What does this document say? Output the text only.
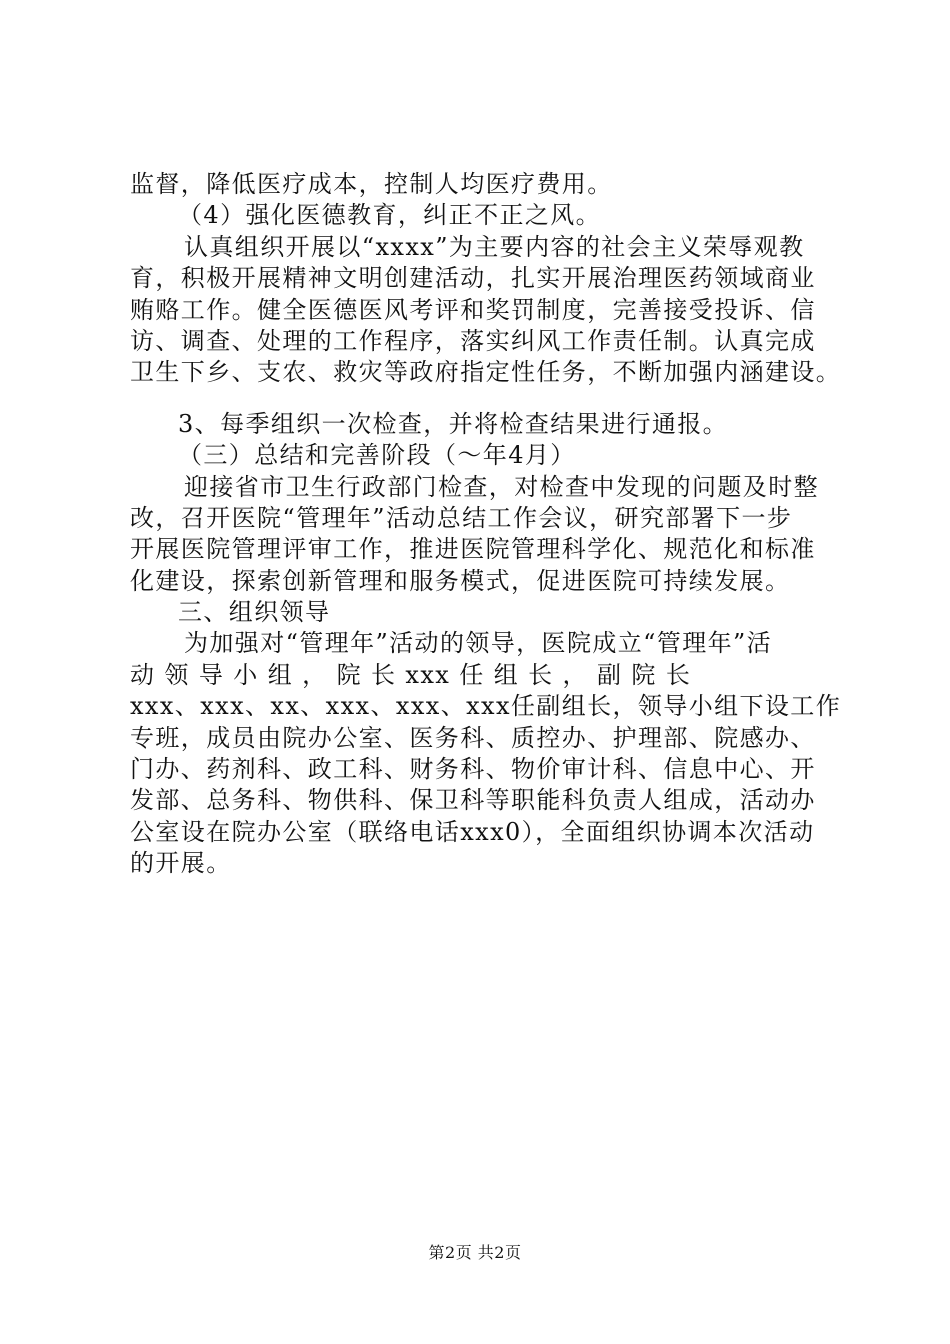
监督，降低医疗成本，控制人均医疗费用。
（4）强化医德教育，纠正不正之风。
认真组织开展以“xxxx”为主要内容的社会主义荣辱观教
育，积极开展精神文明创建活动，扎实开展治理医药领域商业
贿赂工作。健全医德医风考评和奖罚制度，完善接受投诉、信
访、调查、处理的工作程序，落实纠风工作责任制。认真完成
卫生下乡、支农、救灾等政府指定性任务，不断加强内涵建设。
3、每季组织一次检查，并将检查结果进行通报。
（三）总结和完善阶段（～年4月）
迎接省市卫生行政部门检查，对检查中发现的问题及时整
改，召开医院“管理年”活动总结工作会议，研究部署下一步
开展医院管理评审工作，推进医院管理科学化、规范化和标准
化建设，探索创新管理和服务模式，促进医院可持续发展。
三、组织领导
为加强对“管理年”活动的领导，医院成立“管理年”活
动 领 导 小 组 ， 院 长 xxx 任 组 长 ， 副 院 长
xxx、xxx、xx、xxx、xxx、xxx任副组长，领导小组下设工作
专班，成员由院办公室、医务科、质控办、护理部、院感办、
门办、药剂科、政工科、财务科、物价审计科、信息中心、开
发部、总务科、物供科、保卫科等职能科负责人组成，活动办
公室设在院办公室（联络电话xxx0），全面组织协调本次活动
的开展。
第2页 共2页
